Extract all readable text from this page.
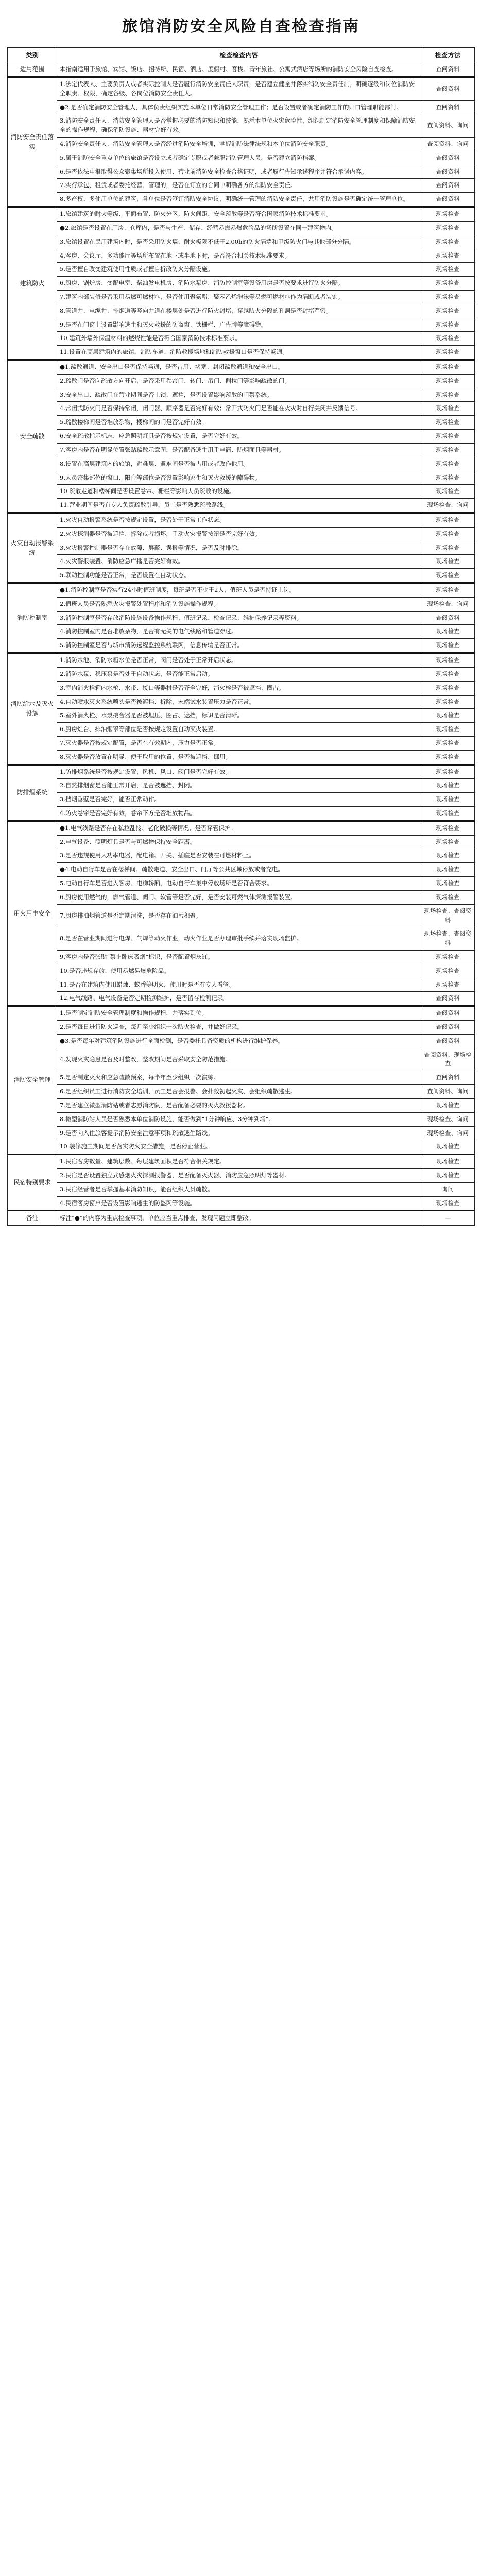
旅馆消防安全风险自查检查指南
类别	检查检查内容	检查方法
适用范围	本指南适用于旅馆、宾馆、饭店、招待所、民宿、酒店、度假村、客栈、青年旅社、公寓式酒店等场所的消防安全风险自查检查。	查阅资料
消防安全责任落实	1.法定代表人、主要负责人或者实际控制人是否履行消防安全责任人职责，是否建立健全并落实消防安全责任制，明确逐级和岗位消防安全职责、权限，确定各级、各岗位消防安全责任人。	查阅资料
	●2.是否确定消防安全管理人，具体负责组织实施本单位日常消防安全管理工作；是否设置或者确定消防工作的归口管理职能部门。	查阅资料
	3.消防安全责任人、消防安全管理人是否掌握必要的消防知识和技能，熟悉本单位火灾危险性，组织制定消防安全管理制度和保障消防安全的操作规程，确保消防设施、器材完好有效。	查阅资料、询问
	4.消防安全责任人、消防安全管理人是否经过消防安全培训，掌握消防法律法规和本单位消防安全职责。	查阅资料、询问
	5.属于消防安全重点单位的旅馆是否设立或者确定专职或者兼职消防管理人员，是否建立消防档案。	查阅资料
	6.是否依法申报取得公众聚集场所投入使用、营业前消防安全检查合格证明，或者履行告知承诺程序并符合承诺内容。	查阅资料
	7.实行承包、租赁或者委托经营、管理的，是否在订立的合同中明确各方的消防安全责任。	查阅资料
	8.多产权、多使用单位的建筑，各单位是否签订消防安全协议，明确统一管理的消防安全责任，共用消防设施是否确定统一管理单位。	查阅资料
建筑防火	1.旅馆建筑的耐火等级、平面布置、防火分区、防火间距、安全疏散等是否符合国家消防技术标准要求。	现场检查
	●2.旅馆是否设置在厂房、仓库内，是否与生产、储存、经营易燃易爆危险品的场所设置在同一建筑物内。	现场检查
	3.旅馆设置在民用建筑内时，是否采用防火墙、耐火极限不低于2.00h的防火隔墙和甲级防火门与其他部分分隔。	现场检查
	4.客房、会议厅、多功能厅等场所布置在地下或半地下时，是否符合相关技术标准要求。	现场检查
	5.是否擅自改变建筑使用性质或者擅自拆改防火分隔设施。	现场检查
	6.厨房、锅炉房、变配电室、柴油发电机房、消防水泵房、消防控制室等设备用房是否按要求进行防火分隔。	现场检查
	7.建筑内部装修是否采用易燃可燃材料，是否使用聚氨酯、聚苯乙烯泡沫等易燃可燃材料作为隔断或者装饰。	现场检查
	8.管道井、电缆井、排烟道等竖向井道在楼层处是否进行防火封堵，穿越防火分隔的孔洞是否封堵严密。	现场检查
	9.是否在门窗上设置影响逃生和灭火救援的防盗窗、铁栅栏、广告牌等障碍物。	现场检查
	10.建筑外墙外保温材料的燃烧性能是否符合国家消防技术标准要求。	现场检查
	11.设置在高层建筑内的旅馆，消防车道、消防救援场地和消防救援窗口是否保持畅通。	现场检查
安全疏散	●1.疏散通道、安全出口是否保持畅通，是否占用、堵塞、封闭疏散通道和安全出口。	现场检查
	2.疏散门是否向疏散方向开启，是否采用卷帘门、转门、吊门、侧拉门等影响疏散的门。	现场检查
	3.安全出口、疏散门在营业期间是否上锁、遮挡，是否设置影响疏散的门禁系统。	现场检查
	4.常闭式防火门是否保持常闭，闭门器、顺序器是否完好有效；常开式防火门是否能在火灾时自行关闭并反馈信号。	现场检查
	5.疏散楼梯间是否堆放杂物，楼梯间的门是否完好有效。	现场检查
	6.安全疏散指示标志、应急照明灯具是否按规定设置，是否完好有效。	现场检查
	7.客房内是否在明显位置张贴疏散示意图，是否配备逃生用手电筒、防烟面具等器材。	现场检查
	8.设置在高层建筑内的旅馆，避难层、避难间是否被占用或者改作他用。	现场检查
	9.人员密集部位的窗口、阳台等部位是否设置影响逃生和灭火救援的障碍物。	现场检查
	10.疏散走道和楼梯间是否设置卷帘、栅栏等影响人员疏散的设施。	现场检查
	11.营业期间是否有专人负责疏散引导，员工是否熟悉疏散路线。	现场检查、询问
火灾自动报警系统	1.火灾自动报警系统是否按规定设置，是否处于正常工作状态。	现场检查
	2.火灾探测器是否被遮挡、拆除或者损坏，手动火灾报警按钮是否完好有效。	现场检查
	3.火灾报警控制器是否存在故障、屏蔽、误报等情况，是否及时排除。	现场检查
	4.火灾警报装置、消防应急广播是否完好有效。	现场检查
	5.联动控制功能是否正常，是否设置在自动状态。	现场检查
消防控制室	●1.消防控制室是否实行24小时值班制度，每班是否不少于2人，值班人员是否持证上岗。	现场检查
	2.值班人员是否熟悉火灾报警处置程序和消防设施操作规程。	现场检查、询问
	3.消防控制室是否存放消防设施设备操作规程、值班记录、检查记录、维护保养记录等资料。	查阅资料
	4.消防控制室内是否堆放杂物，是否有无关的电气线路和管道穿过。	现场检查
	5.消防控制室是否与城市消防远程监控系统联网，信息传输是否正常。	现场检查
消防给水及灭火设施	1.消防水池、消防水箱水位是否正常，阀门是否处于正常开启状态。	现场检查
	2.消防水泵、稳压泵是否处于自动状态，是否能正常启动。	现场检查
	3.室内消火栓箱内水枪、水带、接口等器材是否齐全完好，消火栓是否被遮挡、圈占。	现场检查
	4.自动喷水灭火系统喷头是否被遮挡、拆除，末端试水装置压力是否正常。	现场检查
	5.室外消火栓、水泵接合器是否被埋压、圈占、遮挡，标识是否清晰。	现场检查
	6.厨房灶台、排油烟罩等部位是否按规定设置自动灭火装置。	现场检查
	7.灭火器是否按规定配置，是否在有效期内，压力是否正常。	现场检查
	8.灭火器是否放置在明显、便于取用的位置，是否被遮挡、挪用。	现场检查
防排烟系统	1.防排烟系统是否按规定设置，风机、风口、阀门是否完好有效。	现场检查
	2.自然排烟窗是否能正常开启，是否被遮挡、封闭。	现场检查
	3.挡烟垂壁是否完好，能否正常动作。	现场检查
	4.防火卷帘是否完好有效，卷帘下方是否堆放物品。	现场检查
用火用电安全	●1.电气线路是否存在私拉乱接、老化破损等情况，是否穿管保护。	现场检查
	2.电气设备、照明灯具是否与可燃物保持安全距离。	现场检查
	3.是否违规使用大功率电器，配电箱、开关、插座是否安装在可燃材料上。	现场检查
	●4.电动自行车是否在楼梯间、疏散走道、安全出口、门厅等公共区域停放或者充电。	现场检查
	5.电动自行车是否进入客房、电梯轿厢，电动自行车集中停放场所是否符合要求。	现场检查
	6.厨房使用燃气的，燃气管道、阀门、软管等是否完好，是否安装可燃气体探测报警装置。	现场检查
	7.厨房排油烟管道是否定期清洗，是否存在油污积聚。	现场检查、查阅资料
	8.是否在营业期间进行电焊、气焊等动火作业，动火作业是否办理审批手续并落实现场监护。	现场检查、查阅资料
	9.客房内是否张贴“禁止卧床吸烟”标识，是否配置烟灰缸。	现场检查
	10.是否违规存放、使用易燃易爆危险品。	现场检查
	11.是否在建筑内使用蜡烛、蚊香等明火，使用时是否有专人看管。	现场检查
	12.电气线路、电气设备是否定期检测维护，是否留存检测记录。	查阅资料
消防安全管理	1.是否制定消防安全管理制度和操作规程，并落实到位。	查阅资料
	2.是否每日进行防火巡查，每月至少组织一次防火检查，并做好记录。	查阅资料
	●3.是否每年对建筑消防设施进行全面检测，是否委托具备资质的机构进行维护保养。	查阅资料
	4.发现火灾隐患是否及时整改，整改期间是否采取安全防范措施。	查阅资料、现场检查
	5.是否制定灭火和应急疏散预案，每半年至少组织一次演练。	查阅资料
	6.是否组织员工进行消防安全培训，员工是否会报警、会扑救初起火灾、会组织疏散逃生。	查阅资料、询问
	7.是否建立微型消防站或者志愿消防队，是否配备必要的灭火救援器材。	现场检查
	8.微型消防站人员是否熟悉本单位消防设施，能否做到“1分钟响应、3分钟到场”。	现场检查、询问
	9.是否向入住旅客提示消防安全注意事项和疏散逃生路线。	现场检查、询问
	10.装修施工期间是否落实防火安全措施，是否停止营业。	现场检查
民宿特别要求	1.民宿客房数量、建筑层数、每层建筑面积是否符合相关规定。	现场检查
	2.民宿是否设置独立式感烟火灾探测报警器，是否配备灭火器、消防应急照明灯等器材。	现场检查
	3.民宿经营者是否掌握基本消防知识，能否组织人员疏散。	询问
	4.民宿客房窗户是否设置影响逃生的防盗网等设施。	现场检查
备注	标注“●”的内容为重点检查事项，单位应当重点排查，发现问题立即整改。	—
